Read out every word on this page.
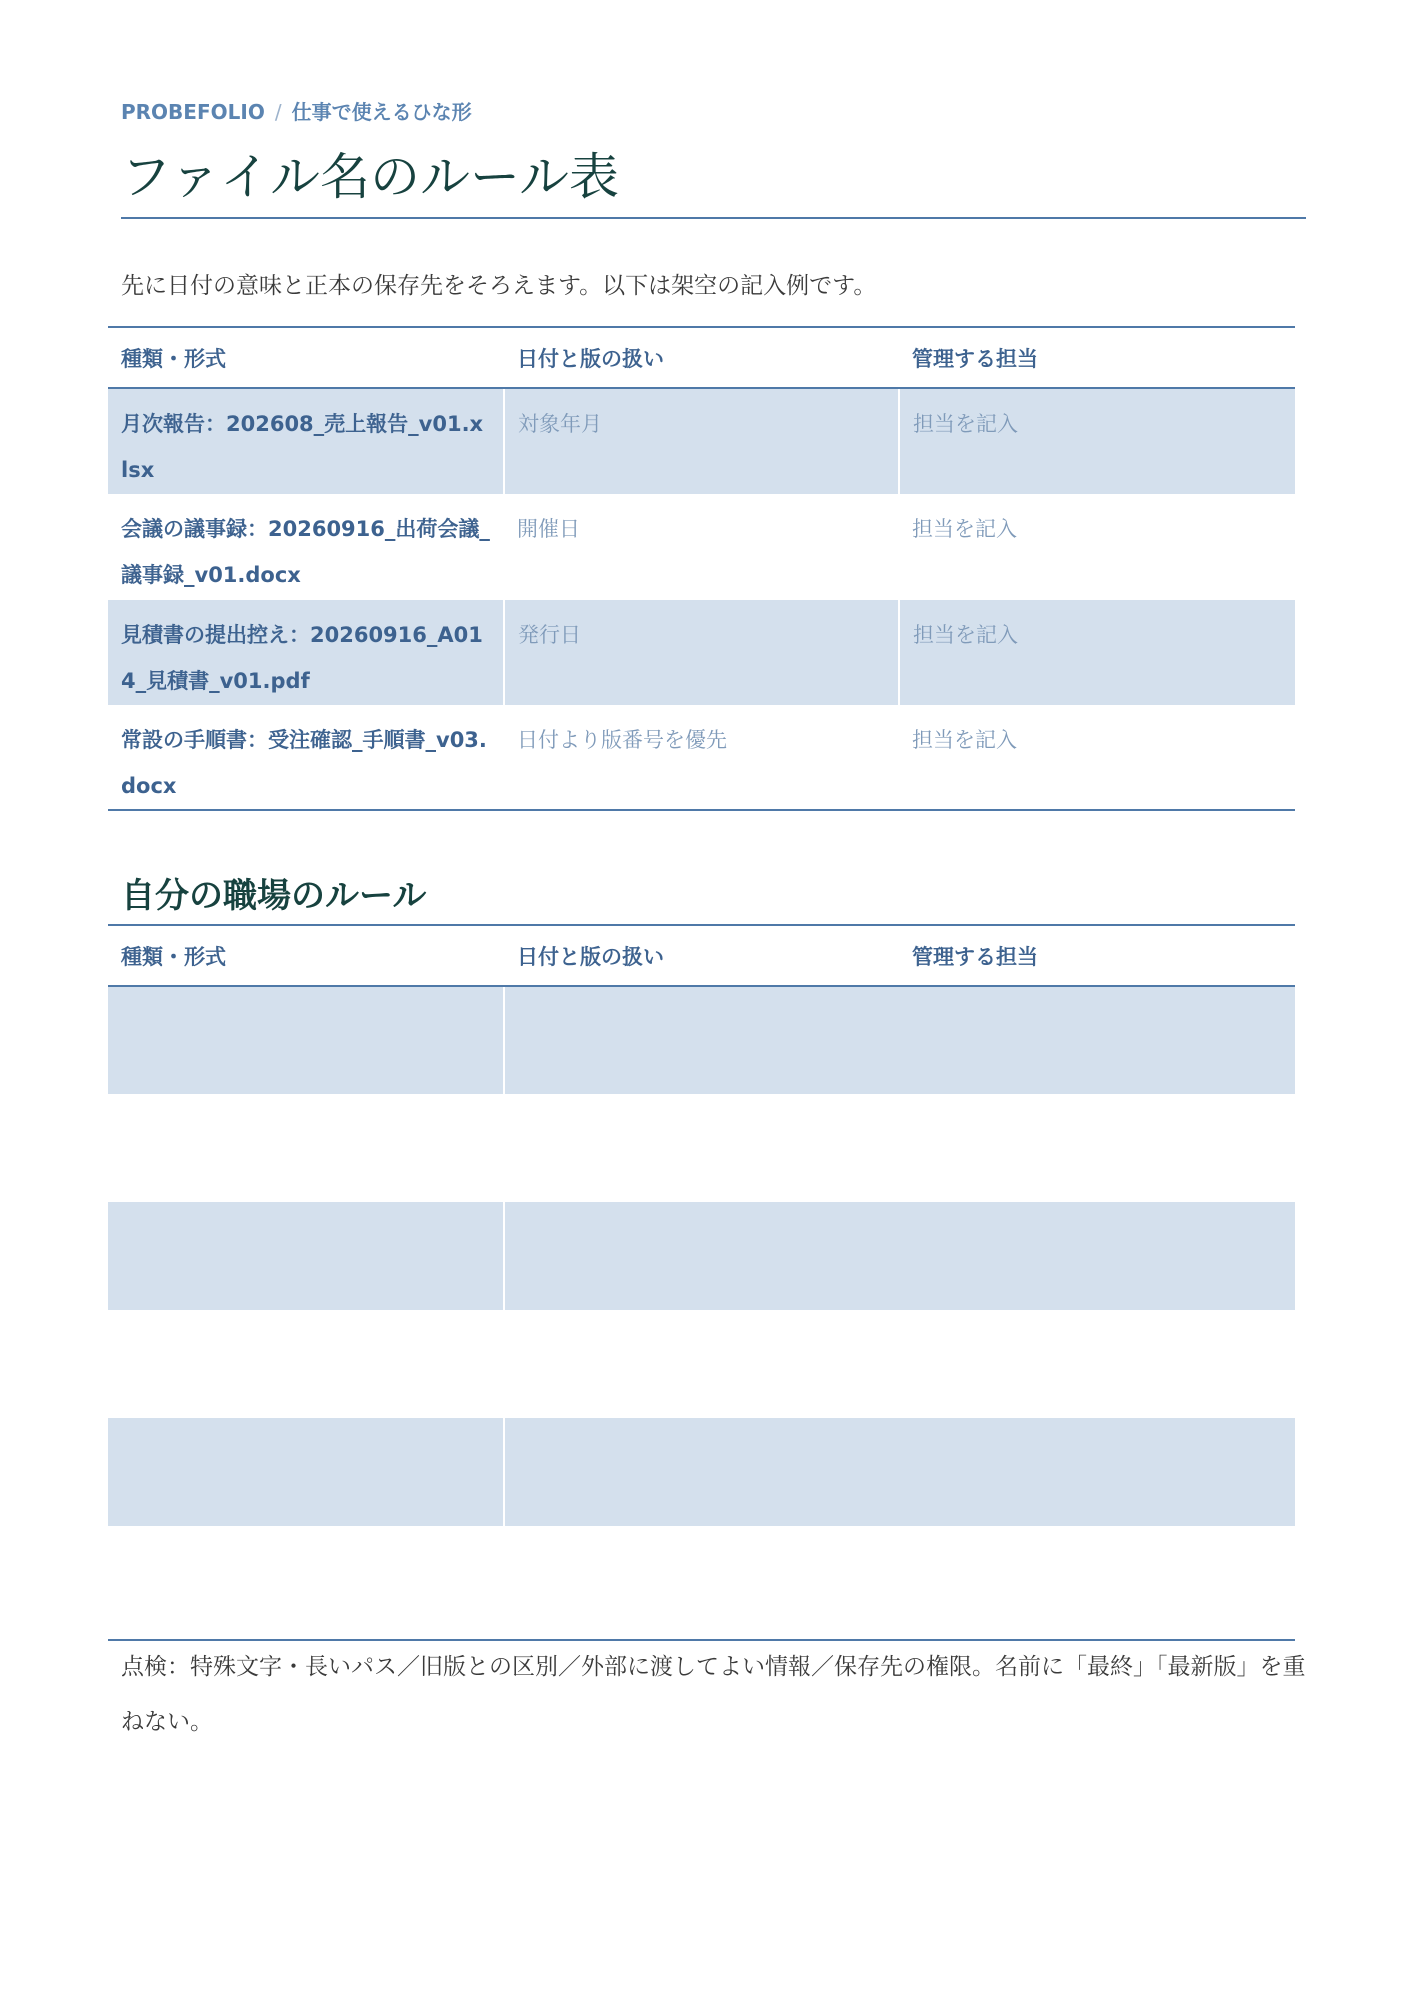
PROBEFOLIO / 仕事で使えるひな形
ファイル名のルール表
先に日付の意味と正本の保存先をそろえます。以下は架空の記入例です。
種類・形式	日付と版の扱い	管理する担当
月次報告：202608_売上報告_v01.xlsx	対象年月	担当を記入
会議の議事録：20260916_出荷会議_議事録_v01.docx	開催日	担当を記入
見積書の提出控え：20260916_A014_見積書_v01.pdf	発行日	担当を記入
常設の手順書：受注確認_手順書_v03.docx	日付より版番号を優先	担当を記入
自分の職場のルール
種類・形式	日付と版の扱い	管理する担当

点検：特殊文字・長いパス／旧版との区別／外部に渡してよい情報／保存先の権限。名前に「最終」「最新版」を重ねない。
